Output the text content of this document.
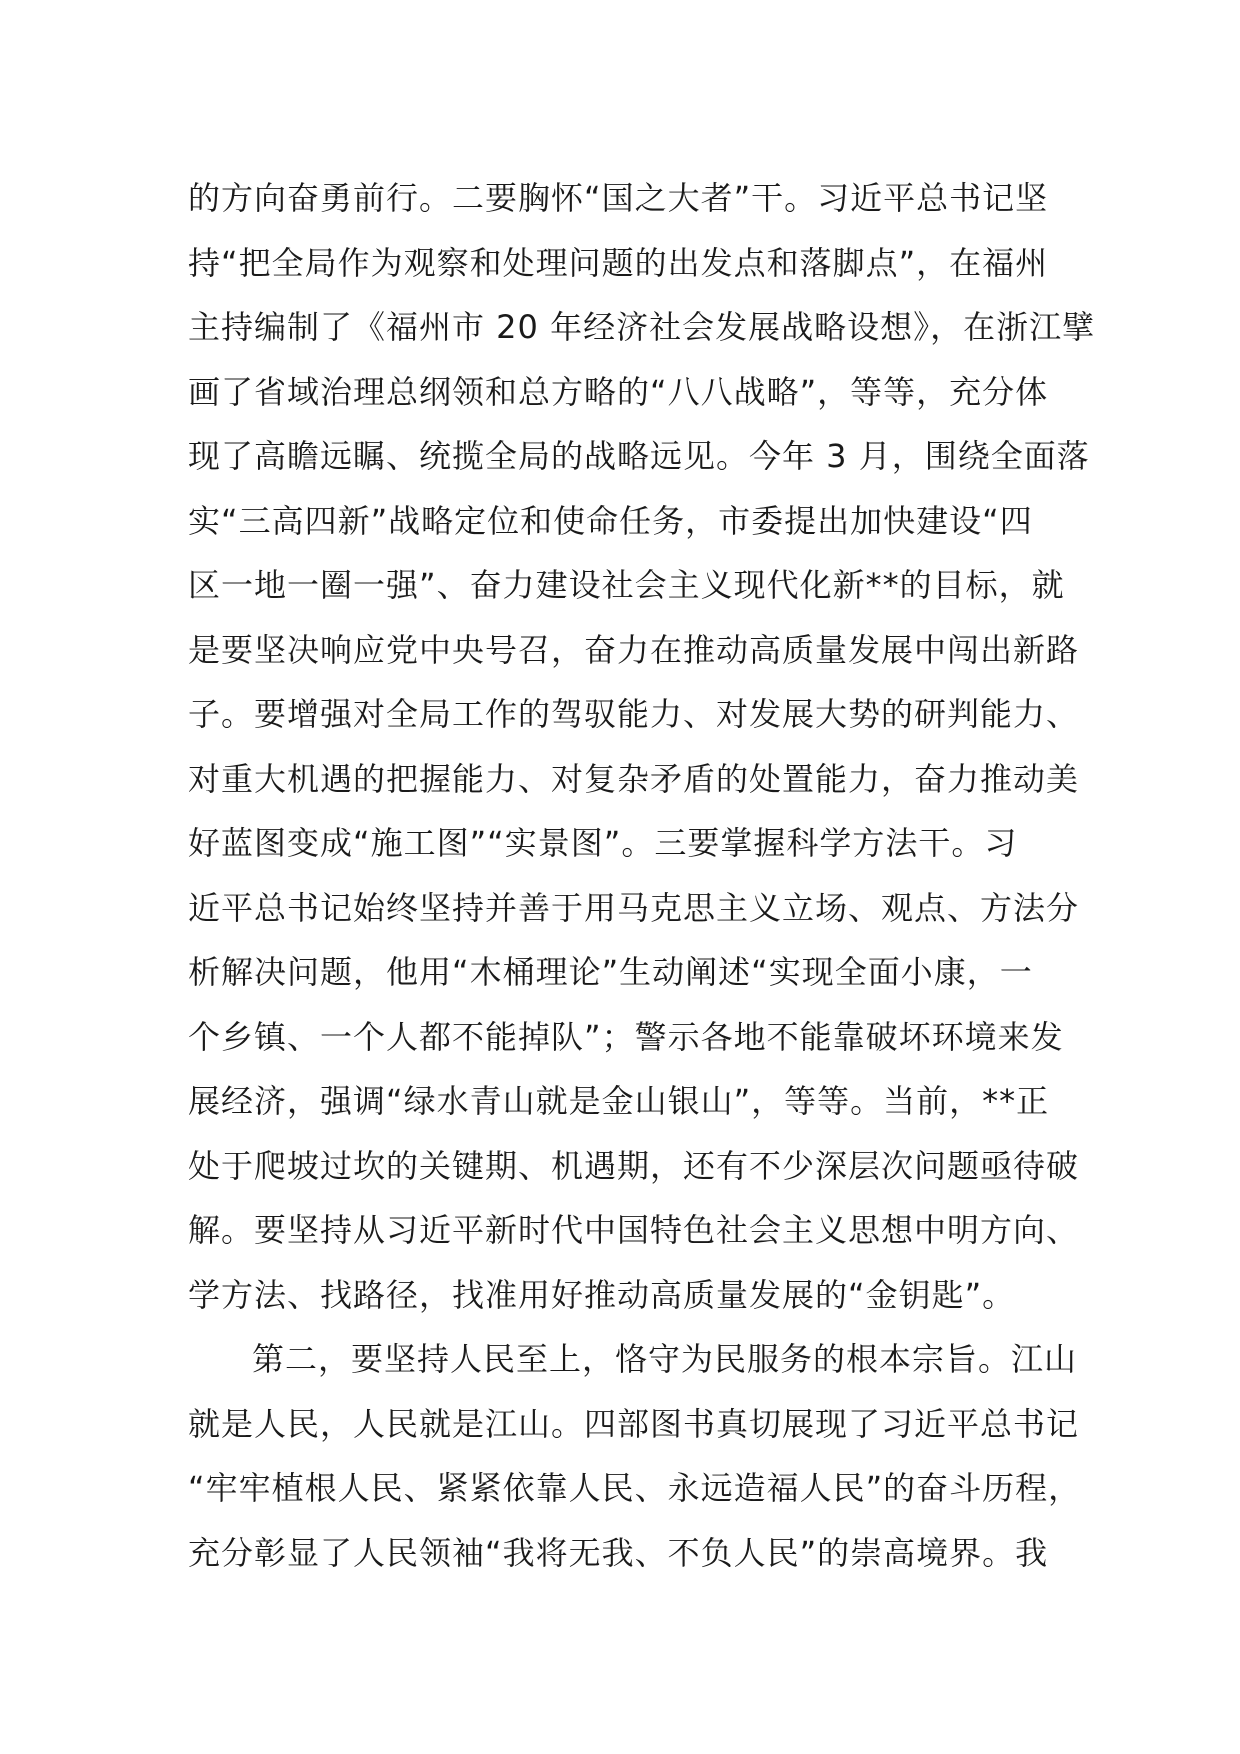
的方向奋勇前行。二要胸怀“国之大者”干。习近平总书记坚
持“把全局作为观察和处理问题的出发点和落脚点”，在福州
主持编制了《福州市 20 年经济社会发展战略设想》，在浙江擘
画了省域治理总纲领和总方略的“八八战略”，等等，充分体
现了高瞻远瞩、统揽全局的战略远见。今年 3 月，围绕全面落
实“三高四新”战略定位和使命任务，市委提出加快建设“四
区一地一圈一强”、奋力建设社会主义现代化新**的目标，就
是要坚决响应党中央号召，奋力在推动高质量发展中闯出新路
子。要增强对全局工作的驾驭能力、对发展大势的研判能力、
对重大机遇的把握能力、对复杂矛盾的处置能力，奋力推动美
好蓝图变成“施工图”“实景图”。三要掌握科学方法干。习
近平总书记始终坚持并善于用马克思主义立场、观点、方法分
析解决问题，他用“木桶理论”生动阐述“实现全面小康，一
个乡镇、一个人都不能掉队”；警示各地不能靠破坏环境来发
展经济，强调“绿水青山就是金山银山”，等等。当前，**正
处于爬坡过坎的关键期、机遇期，还有不少深层次问题亟待破
解。要坚持从习近平新时代中国特色社会主义思想中明方向、
学方法、找路径，找准用好推动高质量发展的“金钥匙”。
第二，要坚持人民至上，恪守为民服务的根本宗旨。江山
就是人民，人民就是江山。四部图书真切展现了习近平总书记
“牢牢植根人民、紧紧依靠人民、永远造福人民”的奋斗历程，
充分彰显了人民领袖“我将无我、不负人民”的崇高境界。我
